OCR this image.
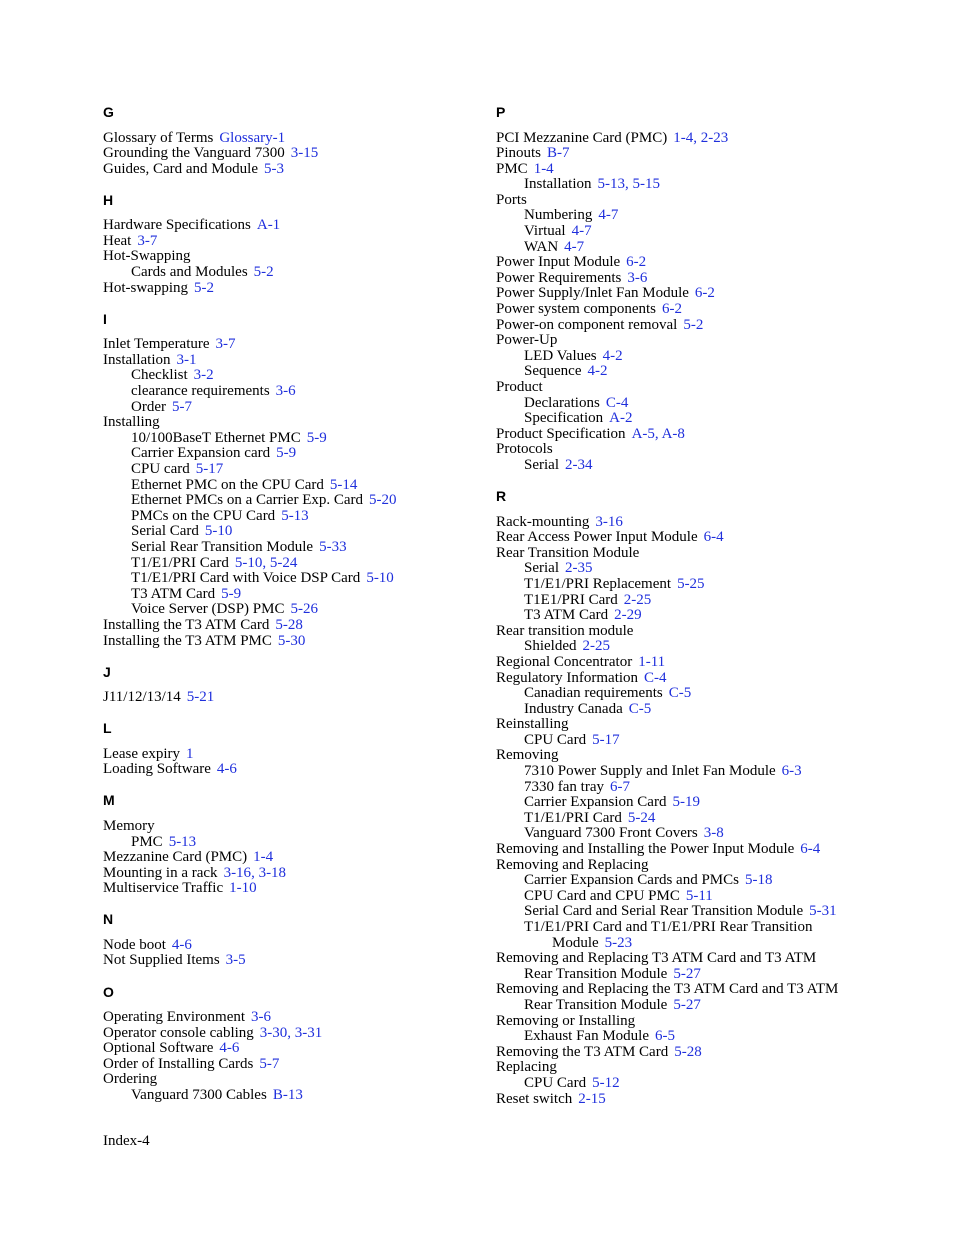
G
Glossary of Terms Glossary-1
Grounding the Vanguard 7300 3-15
Guides, Card and Module 5-3
H
Hardware Specifications A-1
Heat 3-7
Hot-Swapping
Cards and Modules 5-2
Hot-swapping 5-2
I
Inlet Temperature 3-7
Installation 3-1
Checklist 3-2
clearance requirements 3-6
Order 5-7
Installing
10/100BaseT Ethernet PMC 5-9
Carrier Expansion card 5-9
CPU card 5-17
Ethernet PMC on the CPU Card 5-14
Ethernet PMCs on a Carrier Exp. Card 5-20
PMCs on the CPU Card 5-13
Serial Card 5-10
Serial Rear Transition Module 5-33
T1/E1/PRI Card 5-10, 5-24
T1/E1/PRI Card with Voice DSP Card 5-10
T3 ATM Card 5-9
Voice Server (DSP) PMC 5-26
Installing the T3 ATM Card 5-28
Installing the T3 ATM PMC 5-30
J
J11/12/13/14 5-21
L
Lease expiry 1
Loading Software 4-6
M
Memory
PMC 5-13
Mezzanine Card (PMC) 1-4
Mounting in a rack 3-16, 3-18
Multiservice Traffic 1-10
N
Node boot 4-6
Not Supplied Items 3-5
O
Operating Environment 3-6
Operator console cabling 3-30, 3-31
Optional Software 4-6
Order of Installing Cards 5-7
Ordering
Vanguard 7300 Cables B-13
P
PCI Mezzanine Card (PMC) 1-4, 2-23
Pinouts B-7
PMC 1-4
Installation 5-13, 5-15
Ports
Numbering 4-7
Virtual 4-7
WAN 4-7
Power Input Module 6-2
Power Requirements 3-6
Power Supply/Inlet Fan Module 6-2
Power system components 6-2
Power-on component removal 5-2
Power-Up
LED Values 4-2
Sequence 4-2
Product
Declarations C-4
Specification A-2
Product Specification A-5, A-8
Protocols
Serial 2-34
R
Rack-mounting 3-16
Rear Access Power Input Module 6-4
Rear Transition Module
Serial 2-35
T1/E1/PRI Replacement 5-25
T1E1/PRI Card 2-25
T3 ATM Card 2-29
Rear transition module
Shielded 2-25
Regional Concentrator 1-11
Regulatory Information C-4
Canadian requirements C-5
Industry Canada C-5
Reinstalling
CPU Card 5-17
Removing
7310 Power Supply and Inlet Fan Module 6-3
7330 fan tray 6-7
Carrier Expansion Card 5-19
T1/E1/PRI Card 5-24
Vanguard 7300 Front Covers 3-8
Removing and Installing the Power Input Module 6-4
Removing and Replacing
Carrier Expansion Cards and PMCs 5-18
CPU Card and CPU PMC 5-11
Serial Card and Serial Rear Transition Module 5-31
T1/E1/PRI Card and T1/E1/PRI Rear Transition
Module 5-23
Removing and Replacing T3 ATM Card and T3 ATM
Rear Transition Module 5-27
Removing and Replacing the T3 ATM Card and T3 ATM
Rear Transition Module 5-27
Removing or Installing
Exhaust Fan Module 6-5
Removing the T3 ATM Card 5-28
Replacing
CPU Card 5-12
Reset switch 2-15
Index-4
